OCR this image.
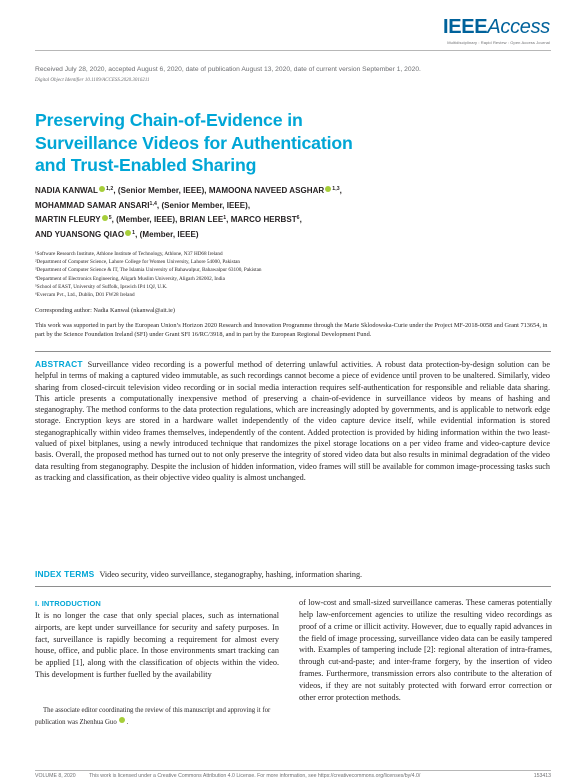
IEEEAccess
Multidisciplinary : Rapid Review : Open Access Journal
Received July 28, 2020, accepted August 6, 2020, date of publication August 13, 2020, date of current version September 1, 2020.
Digital Object Identifier 10.1109/ACCESS.2020.3016211
Preserving Chain-of-Evidence in
Surveillance Videos for Authentication
and Trust-Enabled Sharing
NADIA KANWAL $^{1,2}$, (Senior Member, IEEE), MAMOONA NAVEED ASGHAR $^{1,3}$,
MOHAMMAD SAMAR ANSARI$^{1,4}$, (Senior Member, IEEE),
MARTIN FLEURY $^5$, (Member, IEEE), BRIAN LEE$^1$, MARCO HERBST$^6$,
AND YUANSONG QIAO $^1$, (Member, IEEE)
¹Software Research Institute, Athlone Institute of Technology, Athlone, N37 HD68 Ireland
²Department of Computer Science, Lahore College for Women University, Lahore 54000, Pakistan
³Department of Computer Science & IT, The Islamia University of Bahawalpur, Bahawalpur 63100, Pakistan
⁴Department of Electronics Engineering, Aligarh Muslim University, Aligarh 202002, India
⁵School of EAST, University of Suffolk, Ipswich IP4 1QJ, U.K.
⁶Evercam Pvt., Ltd., Dublin, D01 FW28 Ireland
Corresponding author: Nadia Kanwal (nkanwal@ait.ie)
This work was supported in part by the European Union’s Horizon 2020 Research and Innovation Programme through the Marie Sklodowska-Curie under the Project MF-2018-0058 and Grant 713654, in part by the Science Foundation Ireland (SFI) under Grant SFI 16/RC/3918, and in part by the European Regional Development Fund.
ABSTRACT Surveillance video recording is a powerful method of deterring unlawful activities. A robust data protection-by-design solution can be helpful in terms of making a captured video immutable, as such recordings cannot become a piece of evidence until proven to be unaltered. Similarly, video sharing from closed-circuit television video recording or in social media interaction requires self-authentication for responsible and reliable data sharing. This article presents a computationally inexpensive method of preserving a chain-of-evidence in surveillance videos by means of hashing and steganography. The method conforms to the data protection regulations, which are increasingly adopted by governments, and is applicable to network edge storage. Encryption keys are stored in a hardware wallet independently of the video capture device itself, while evidential information is stored steganographically within video frames themselves, independently of the content. Added protection is provided by hiding information within the two least-valued of pixel bitplanes, using a newly introduced technique that randomizes the pixel storage locations on a per video frame and video-capture device basis. Overall, the proposed method has turned out to not only preserve the integrity of stored video data but also results in minimal degradation of the video data resulting from steganography. Despite the inclusion of hidden information, video frames will still be available for common image-processing tasks such as tracking and classification, as their objective video quality is almost unchanged.
INDEX TERMS Video security, video surveillance, steganography, hashing, information sharing.
I. INTRODUCTION
It is no longer the case that only special places, such as international airports, are kept under surveillance for security and safety purposes. In fact, surveillance is rapidly becoming a requirement for almost every house, office, and public place. In those environments smart tracking can be applied [1], along with the classification of objects within the video. This development is further fuelled by the availability
The associate editor coordinating the review of this manuscript and approving it for publication was Zhenhua Guo .
of low-cost and small-sized surveillance cameras. These cameras potentially help law-enforcement agencies to utilize the resulting video recordings as proof of a crime or illicit activity. However, due to equally rapid advances in the field of image processing, surveillance video data can be easily tampered with. Examples of tampering include [2]: regional alteration of intra-frames, through cut-and-paste; and inter-frame forgery, by the insertion of video frames. Furthermore, transmission errors also contribute to the alteration of videos, if they are not suitably protected with forward error correction or other error protection methods.
VOLUME 8, 2020	This work is licensed under a Creative Commons Attribution 4.0 License. For more information, see https://creativecommons.org/licenses/by/4.0/	153413
